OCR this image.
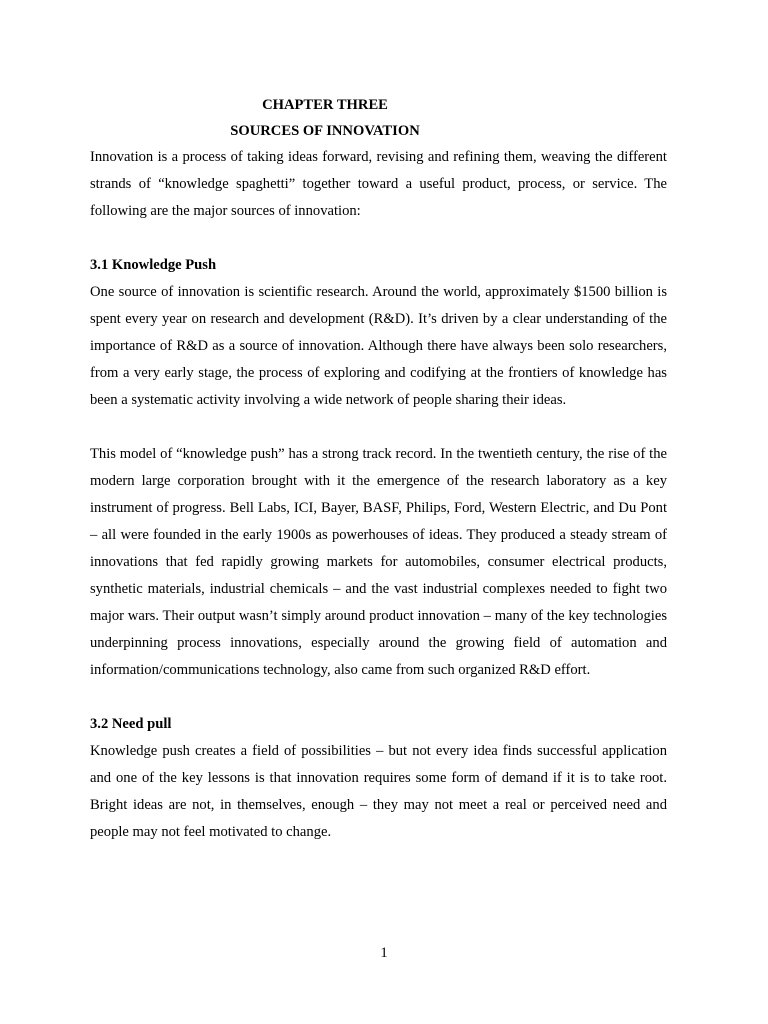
CHAPTER THREE
SOURCES OF INNOVATION

Innovation is a process of taking ideas forward, revising and refining them, weaving the different strands of “knowledge spaghetti” together toward a useful product, process, or service. The following are the major sources of innovation:

3.1 Knowledge Push

One source of innovation is scientific research. Around the world, approximately $1500 billion is spent every year on research and development (R&D). It’s driven by a clear understanding of the importance of R&D as a source of innovation. Although there have always been solo researchers, from a very early stage, the process of exploring and codifying at the frontiers of knowledge has been a systematic activity involving a wide network of people sharing their ideas.

This model of “knowledge push” has a strong track record. In the twentieth century, the rise of the modern large corporation brought with it the emergence of the research laboratory as a key instrument of progress. Bell Labs, ICI, Bayer, BASF, Philips, Ford, Western Electric, and Du Pont – all were founded in the early 1900s as powerhouses of ideas. They produced a steady stream of innovations that fed rapidly growing markets for automobiles, consumer electrical products, synthetic materials, industrial chemicals – and the vast industrial complexes needed to fight two major wars. Their output wasn’t simply around product innovation – many of the key technologies underpinning process innovations, especially around the growing field of automation and information/communications technology, also came from such organized R&D effort.

3.2 Need pull

Knowledge push creates a field of possibilities – but not every idea finds successful application and one of the key lessons is that innovation requires some form of demand if it is to take root. Bright ideas are not, in themselves, enough – they may not meet a real or perceived need and people may not feel motivated to change.

1
